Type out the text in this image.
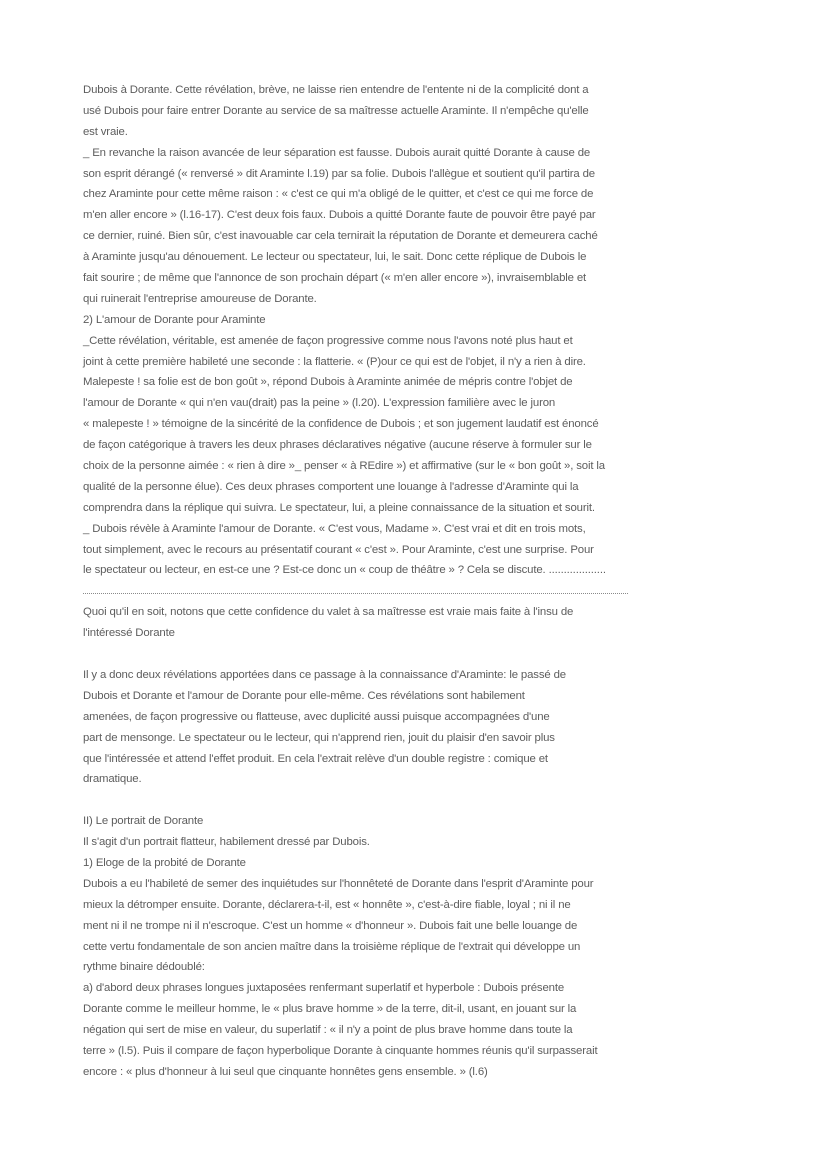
Dubois à Dorante. Cette révélation, brève, ne laisse rien entendre de l'entente ni de la complicité dont a
usé Dubois pour faire entrer Dorante au service de sa maîtresse actuelle Araminte. Il n'empêche qu'elle
est vraie.
_ En revanche la raison avancée de leur séparation est fausse. Dubois aurait quitté Dorante à cause de
son esprit dérangé (« renversé » dit Araminte l.19) par sa folie. Dubois l'allègue et soutient qu'il partira de
chez Araminte pour cette même raison : « c'est ce qui m'a obligé de le quitter, et c'est ce qui me force de
m'en aller encore » (l.16-17). C'est deux fois faux. Dubois a quitté Dorante faute de pouvoir être payé par
ce dernier, ruiné. Bien sûr, c'est inavouable car cela ternirait la réputation de Dorante et demeurera caché
à Araminte jusqu'au dénouement. Le lecteur ou spectateur, lui, le sait. Donc cette réplique de Dubois le
fait sourire ; de même que l'annonce de son prochain départ (« m'en aller encore »), invraisemblable et
qui ruinerait l'entreprise amoureuse de Dorante.
2) L'amour de Dorante pour Araminte
_Cette révélation, véritable, est amenée de façon progressive comme nous l'avons noté plus haut et
joint à cette première habileté une seconde : la flatterie. « (P)our ce qui est de l'objet, il n'y a rien à dire.
Malepeste ! sa folie est de bon goût », répond Dubois à Araminte animée de mépris contre l'objet de
l'amour de Dorante « qui n'en vau(drait) pas la peine » (l.20). L'expression familière avec le juron
« malepeste ! » témoigne de la sincérité de la confidence de Dubois ; et son jugement laudatif est énoncé
de façon catégorique à travers les deux phrases déclaratives négative (aucune réserve à formuler sur le
choix de la personne aimée : « rien à dire »_ penser « à REdire ») et affirmative (sur le « bon goût », soit la
qualité de la personne élue). Ces deux phrases comportent une louange à l'adresse d'Araminte qui la
comprendra dans la réplique qui suivra. Le spectateur, lui, a pleine connaissance de la situation et sourit.
_ Dubois révèle à Araminte l'amour de Dorante. « C'est vous, Madame ». C'est vrai et dit en trois mots,
tout simplement, avec le recours au présentatif courant « c'est ». Pour Araminte, c'est une surprise. Pour
le spectateur ou lecteur, en est-ce une ? Est-ce donc un « coup de théâtre » ? Cela se discute. ...................
Quoi qu'il en soit, notons que cette confidence du valet à sa maîtresse est vraie mais faite à l'insu de
l'intéressé Dorante
Il y a donc deux révélations apportées dans ce passage à la connaissance d'Araminte: le passé de
Dubois et Dorante et l'amour de Dorante pour elle-même. Ces révélations sont habilement
amenées, de façon progressive ou flatteuse, avec duplicité aussi puisque accompagnées d'une
part de mensonge. Le spectateur ou le lecteur, qui n'apprend rien, jouit du plaisir d'en savoir plus
que l'intéressée et attend l'effet produit. En cela l'extrait relève d'un double registre : comique et
dramatique.
II) Le portrait de Dorante
Il s'agit d'un portrait flatteur, habilement dressé par Dubois.
1) Eloge de la probité de Dorante
Dubois a eu l'habileté de semer des inquiétudes sur l'honnêteté de Dorante dans l'esprit d'Araminte pour
mieux la détromper ensuite. Dorante, déclarera-t-il, est « honnête », c'est-à-dire fiable, loyal ; ni il ne
ment ni il ne trompe ni il n'escroque. C'est un homme « d'honneur ». Dubois fait une belle louange de
cette vertu fondamentale de son ancien maître dans la troisième réplique de l'extrait qui développe un
rythme binaire dédoublé:
a) d'abord deux phrases longues juxtaposées renfermant superlatif et hyperbole : Dubois présente
Dorante comme le meilleur homme, le « plus brave homme » de la terre, dit-il, usant, en jouant sur la
négation qui sert de mise en valeur, du superlatif : « il n'y a point de plus brave homme dans toute la
terre » (l.5). Puis il compare de façon hyperbolique Dorante à cinquante hommes réunis qu'il surpasserait
encore : « plus d'honneur à lui seul que cinquante honnêtes gens ensemble. » (l.6)
